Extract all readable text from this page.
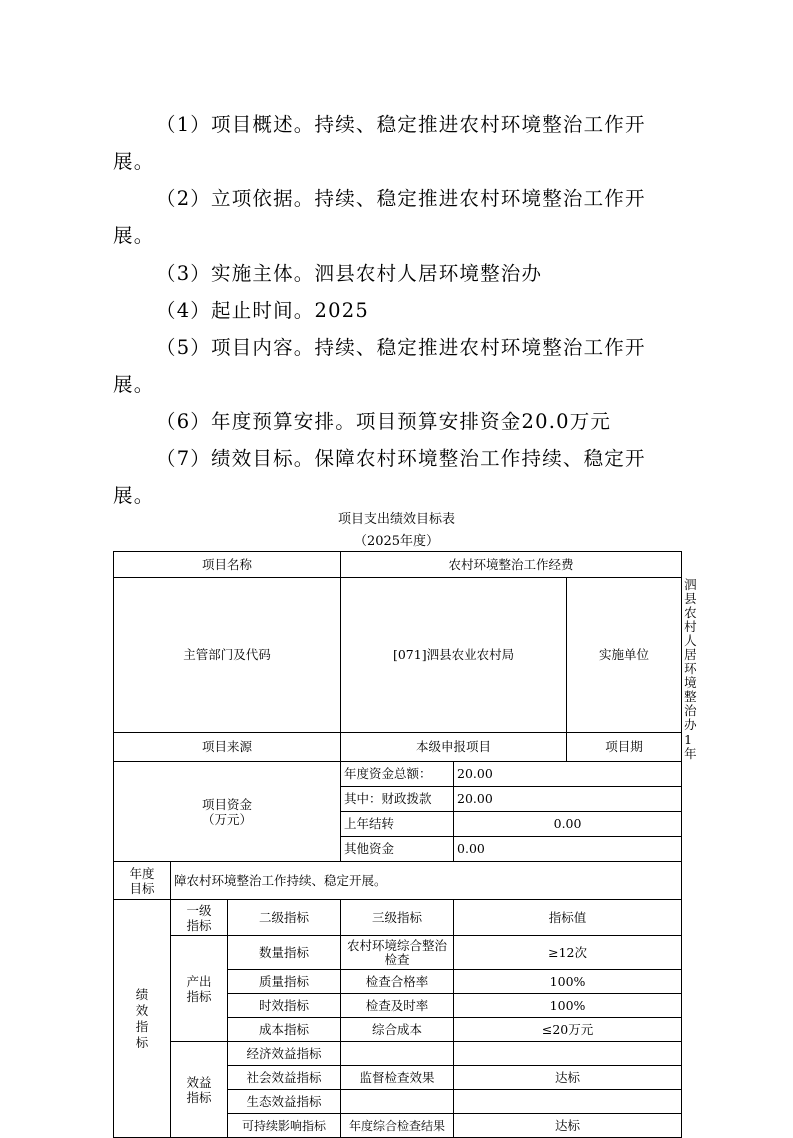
（1）项目概述。持续、稳定推进农村环境整治工作开
展。
（2）立项依据。持续、稳定推进农村环境整治工作开
展。
（3）实施主体。泗县农村人居环境整治办
（4）起止时间。2025
（5）项目内容。持续、稳定推进农村环境整治工作开
展。
（6）年度预算安排。项目预算安排资金20.0万元
（7）绩效目标。保障农村环境整治工作持续、稳定开
展。
项目支出绩效目标表
（2025年度）
项目名称			农村环境整治工作经费			
主管部门及代码			[071]泗县农业农村局		实施单位	泗县农村人居环境整治办
项目来源			本级申报项目		项目期	1年
项目资金（万元）			年度资金总额：	20.00		
			其中：财政拨款	20.00		
			上年结转	0.00		
			其他资金	0.00		
年度目标	障农村环境整治工作持续、稳定开展。					
绩效指标	一级指标	二级指标	三级指标	指标值		
	产出指标	数量指标	农村环境综合整治检查	≥12次		
		质量指标	检查合格率	100%		
		时效指标	检查及时率	100%		
		成本指标	综合成本	≤20万元		
	效益指标	经济效益指标				
		社会效益指标	监督检查效果	达标		
		生态效益指标				
		可持续影响指标	年度综合检查结果	达标		
